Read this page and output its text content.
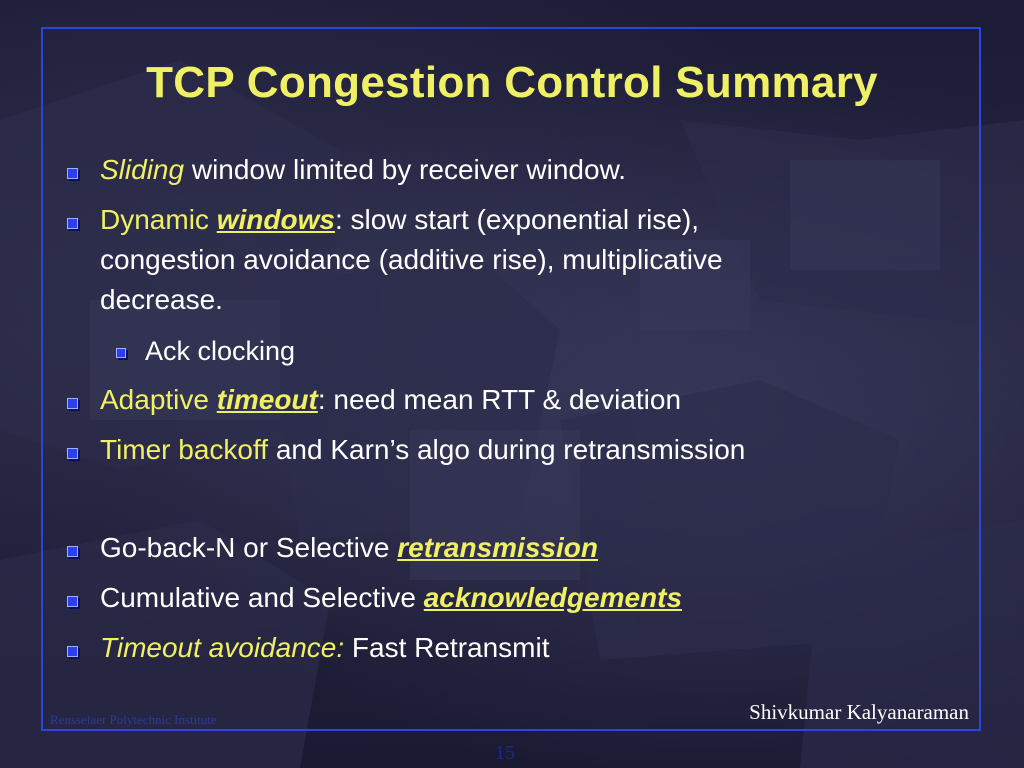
TCP Congestion Control Summary
Sliding window limited by receiver window.
Dynamic windows: slow start (exponential rise),
congestion avoidance (additive rise), multiplicative
decrease.
Ack clocking
Adaptive timeout: need mean RTT & deviation
Timer backoff and Karn’s algo during retransmission
Go-back-N or Selective retransmission
Cumulative and Selective acknowledgements
Timeout avoidance: Fast Retransmit
Rensselaer Polytechnic Institute	Shivkumar Kalyanaraman
15
